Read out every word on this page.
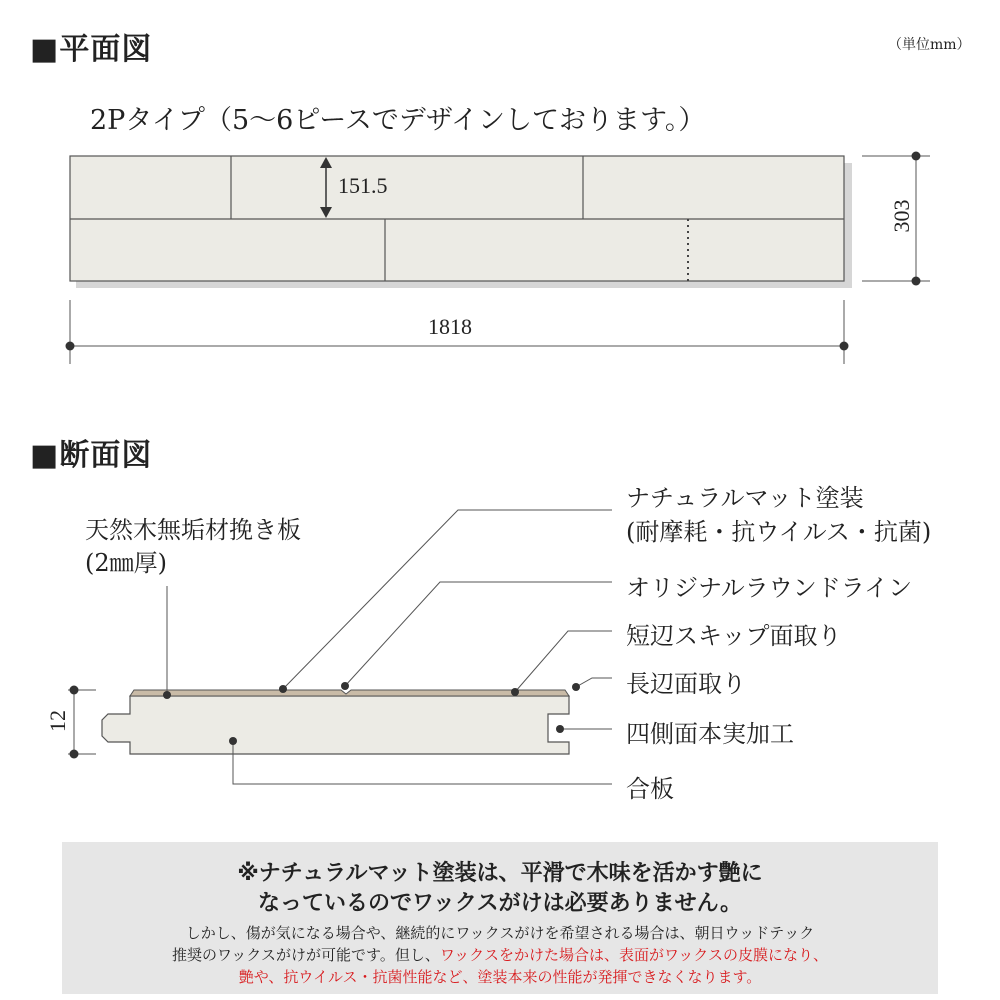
■平面図	（単位mm）
2Pタイプ（5〜6ピースでデザインしております。）
151.5
303
1818
■断面図
12
天然木無垢材挽き板
(2㎜厚)
ナチュラルマット塗装
(耐摩耗・抗ウイルス・抗菌)
オリジナルラウンドライン
短辺スキップ面取り
長辺面取り
四側面本実加工
合板
※ナチュラルマット塗装は、平滑で木味を活かす艶に
なっているのでワックスがけは必要ありません。
しかし、傷が気になる場合や、継続的にワックスがけを希望される場合は、朝日ウッドテック
推奨のワックスがけが可能です。但し、ワックスをかけた場合は、表面がワックスの皮膜になり、
艶や、抗ウイルス・抗菌性能など、塗装本来の性能が発揮できなくなります。
